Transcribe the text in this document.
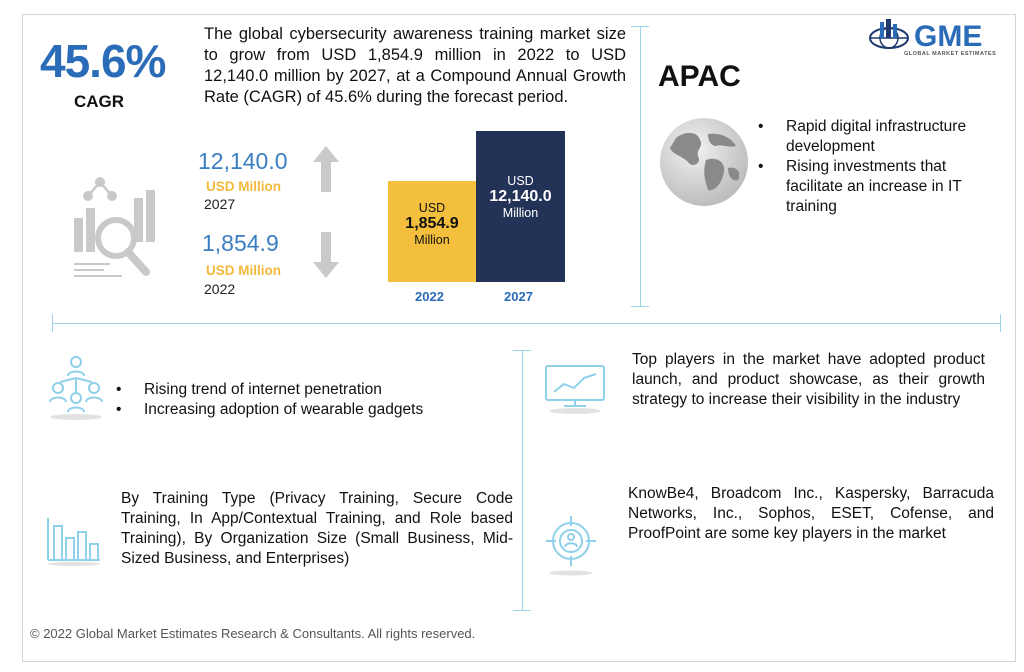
GME
GLOBAL MARKET ESTIMATES
45.6%
CAGR
The global cybersecurity awareness training market size to grow from USD 1,854.9 million in 2022 to USD 12,140.0 million by 2027, at a Compound Annual Growth Rate (CAGR) of 45.6% during the forecast period.
12,140.0
USD Million
2027
1,854.9
USD Million
2022
USD
1,854.9
Million
USD
12,140.0
Million
2022	2027
APAC
• Rapid digital infrastructure development
• Rising investments that facilitate an increase in IT training
• Rising trend of internet penetration
• Increasing adoption of wearable gadgets
Top players in the market have adopted product launch, and product showcase, as their growth strategy to increase their visibility in the industry
By Training Type (Privacy Training, Secure Code Training, In App/Contextual Training, and Role based Training), By Organization Size (Small Business, Mid-Sized Business, and Enterprises)
KnowBe4, Broadcom Inc., Kaspersky, Barracuda Networks, Inc., Sophos, ESET, Cofense, and ProofPoint are some key players in the market
© 2022 Global Market Estimates Research & Consultants. All rights reserved.
